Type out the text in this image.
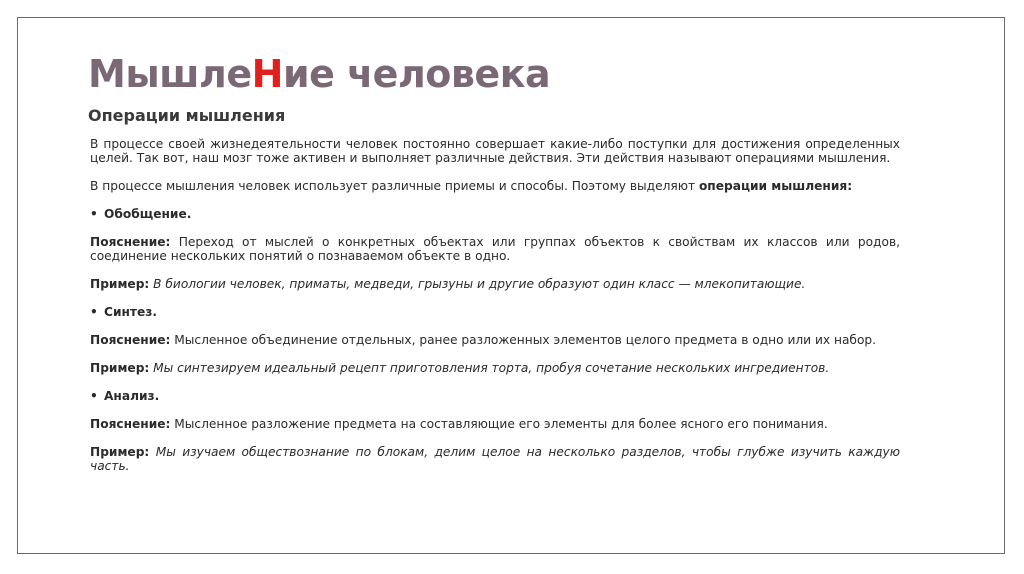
МышлеНие человека
Операции мышления

В процессе своей жизнедеятельности человек постоянно совершает какие-либо поступки для достижения определенных целей. Так вот, наш мозг тоже активен и выполняет различные действия. Эти действия называют операциями мышления.

В процессе мышления человек использует различные приемы и способы. Поэтому выделяют операции мышления:

• Обобщение.

Пояснение: Переход от мыслей о конкретных объектах или группах объектов к свойствам их классов или родов, соединение нескольких понятий о познаваемом объекте в одно.

Пример: В биологии человек, приматы, медведи, грызуны и другие образуют один класс — млекопитающие.

• Синтез.

Пояснение: Мысленное объединение отдельных, ранее разложенных элементов целого предмета в одно или их набор.

Пример: Мы синтезируем идеальный рецепт приготовления торта, пробуя сочетание нескольких ингредиентов.

• Анализ.

Пояснение: Мысленное разложение предмета на составляющие его элементы для более ясного его понимания.

Пример: Мы изучаем обществознание по блокам, делим целое на несколько разделов, чтобы глубже изучить каждую часть.
